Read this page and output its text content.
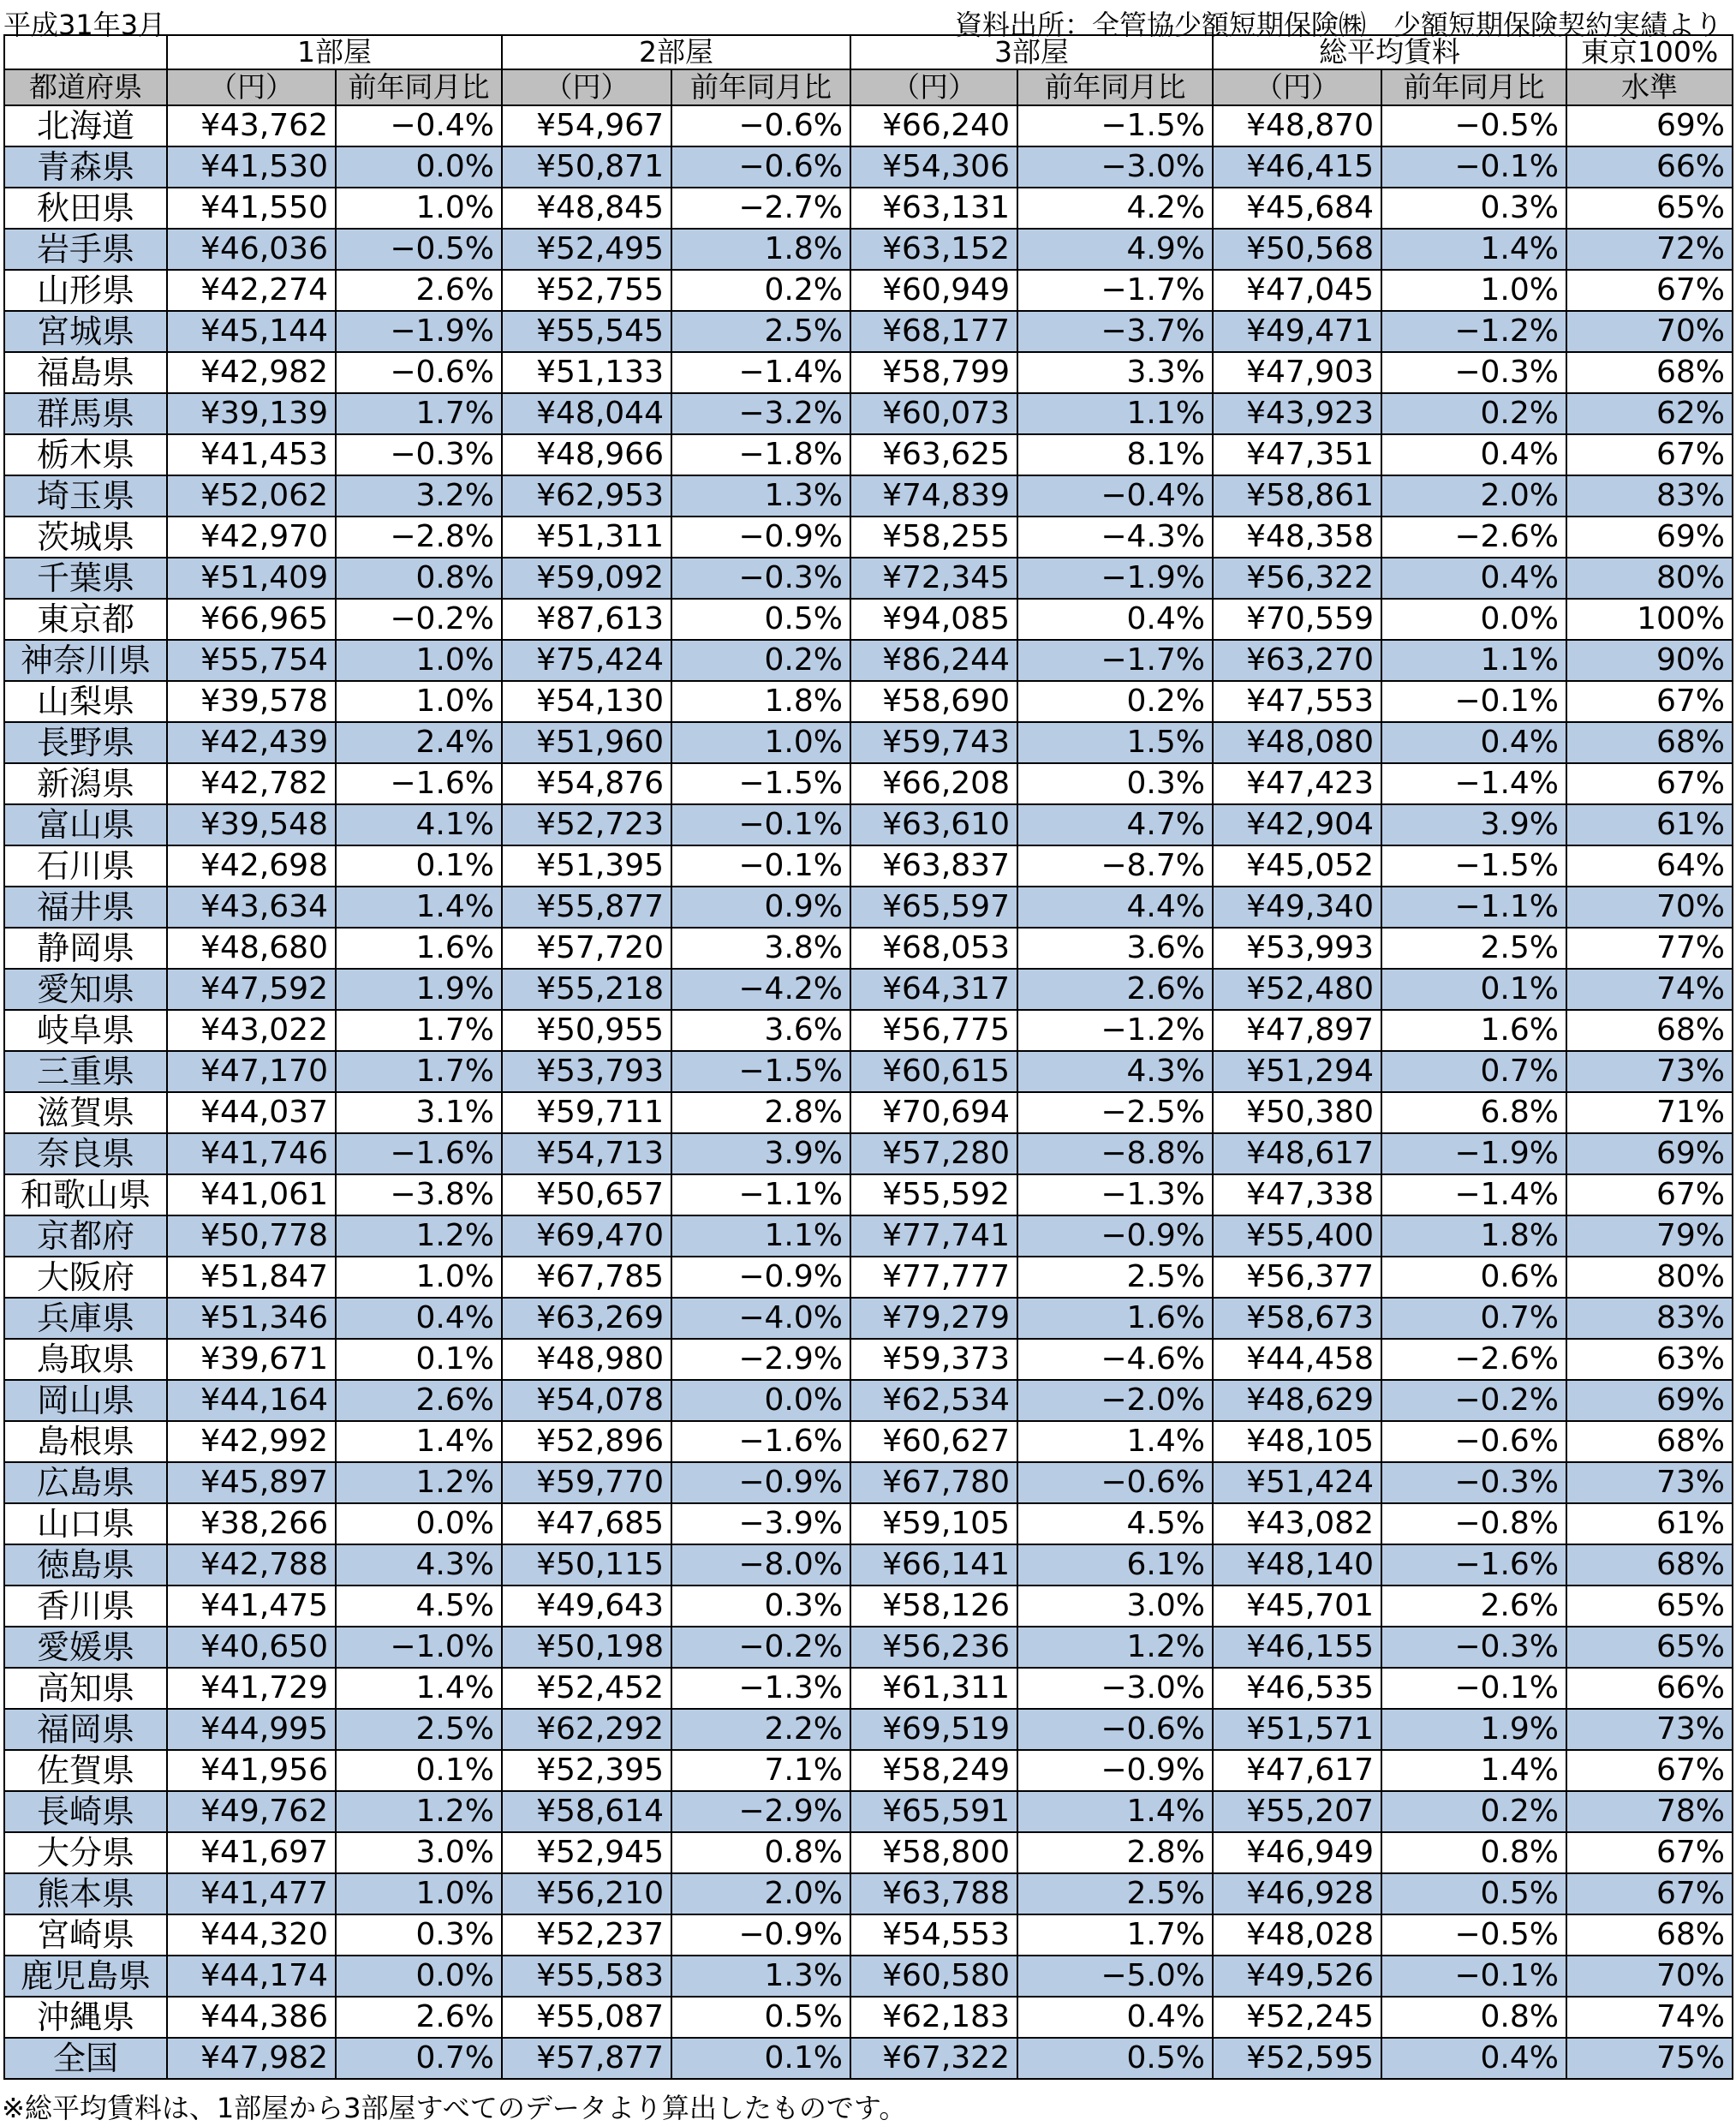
平成31年3月	資料出所：全管協少額短期保険㈱　少額短期保険契約実績より
	1部屋		2部屋		3部屋		総平均賃料		東京100%
都道府県	（円）	前年同月比	（円）	前年同月比	（円）	前年同月比	（円）	前年同月比	水準
北海道	¥43,762	−0.4%	¥54,967	−0.6%	¥66,240	−1.5%	¥48,870	−0.5%	69%
青森県	¥41,530	0.0%	¥50,871	−0.6%	¥54,306	−3.0%	¥46,415	−0.1%	66%
秋田県	¥41,550	1.0%	¥48,845	−2.7%	¥63,131	4.2%	¥45,684	0.3%	65%
岩手県	¥46,036	−0.5%	¥52,495	1.8%	¥63,152	4.9%	¥50,568	1.4%	72%
山形県	¥42,274	2.6%	¥52,755	0.2%	¥60,949	−1.7%	¥47,045	1.0%	67%
宮城県	¥45,144	−1.9%	¥55,545	2.5%	¥68,177	−3.7%	¥49,471	−1.2%	70%
福島県	¥42,982	−0.6%	¥51,133	−1.4%	¥58,799	3.3%	¥47,903	−0.3%	68%
群馬県	¥39,139	1.7%	¥48,044	−3.2%	¥60,073	1.1%	¥43,923	0.2%	62%
栃木県	¥41,453	−0.3%	¥48,966	−1.8%	¥63,625	8.1%	¥47,351	0.4%	67%
埼玉県	¥52,062	3.2%	¥62,953	1.3%	¥74,839	−0.4%	¥58,861	2.0%	83%
茨城県	¥42,970	−2.8%	¥51,311	−0.9%	¥58,255	−4.3%	¥48,358	−2.6%	69%
千葉県	¥51,409	0.8%	¥59,092	−0.3%	¥72,345	−1.9%	¥56,322	0.4%	80%
東京都	¥66,965	−0.2%	¥87,613	0.5%	¥94,085	0.4%	¥70,559	0.0%	100%
神奈川県	¥55,754	1.0%	¥75,424	0.2%	¥86,244	−1.7%	¥63,270	1.1%	90%
山梨県	¥39,578	1.0%	¥54,130	1.8%	¥58,690	0.2%	¥47,553	−0.1%	67%
長野県	¥42,439	2.4%	¥51,960	1.0%	¥59,743	1.5%	¥48,080	0.4%	68%
新潟県	¥42,782	−1.6%	¥54,876	−1.5%	¥66,208	0.3%	¥47,423	−1.4%	67%
富山県	¥39,548	4.1%	¥52,723	−0.1%	¥63,610	4.7%	¥42,904	3.9%	61%
石川県	¥42,698	0.1%	¥51,395	−0.1%	¥63,837	−8.7%	¥45,052	−1.5%	64%
福井県	¥43,634	1.4%	¥55,877	0.9%	¥65,597	4.4%	¥49,340	−1.1%	70%
静岡県	¥48,680	1.6%	¥57,720	3.8%	¥68,053	3.6%	¥53,993	2.5%	77%
愛知県	¥47,592	1.9%	¥55,218	−4.2%	¥64,317	2.6%	¥52,480	0.1%	74%
岐阜県	¥43,022	1.7%	¥50,955	3.6%	¥56,775	−1.2%	¥47,897	1.6%	68%
三重県	¥47,170	1.7%	¥53,793	−1.5%	¥60,615	4.3%	¥51,294	0.7%	73%
滋賀県	¥44,037	3.1%	¥59,711	2.8%	¥70,694	−2.5%	¥50,380	6.8%	71%
奈良県	¥41,746	−1.6%	¥54,713	3.9%	¥57,280	−8.8%	¥48,617	−1.9%	69%
和歌山県	¥41,061	−3.8%	¥50,657	−1.1%	¥55,592	−1.3%	¥47,338	−1.4%	67%
京都府	¥50,778	1.2%	¥69,470	1.1%	¥77,741	−0.9%	¥55,400	1.8%	79%
大阪府	¥51,847	1.0%	¥67,785	−0.9%	¥77,777	2.5%	¥56,377	0.6%	80%
兵庫県	¥51,346	0.4%	¥63,269	−4.0%	¥79,279	1.6%	¥58,673	0.7%	83%
鳥取県	¥39,671	0.1%	¥48,980	−2.9%	¥59,373	−4.6%	¥44,458	−2.6%	63%
岡山県	¥44,164	2.6%	¥54,078	0.0%	¥62,534	−2.0%	¥48,629	−0.2%	69%
島根県	¥42,992	1.4%	¥52,896	−1.6%	¥60,627	1.4%	¥48,105	−0.6%	68%
広島県	¥45,897	1.2%	¥59,770	−0.9%	¥67,780	−0.6%	¥51,424	−0.3%	73%
山口県	¥38,266	0.0%	¥47,685	−3.9%	¥59,105	4.5%	¥43,082	−0.8%	61%
徳島県	¥42,788	4.3%	¥50,115	−8.0%	¥66,141	6.1%	¥48,140	−1.6%	68%
香川県	¥41,475	4.5%	¥49,643	0.3%	¥58,126	3.0%	¥45,701	2.6%	65%
愛媛県	¥40,650	−1.0%	¥50,198	−0.2%	¥56,236	1.2%	¥46,155	−0.3%	65%
高知県	¥41,729	1.4%	¥52,452	−1.3%	¥61,311	−3.0%	¥46,535	−0.1%	66%
福岡県	¥44,995	2.5%	¥62,292	2.2%	¥69,519	−0.6%	¥51,571	1.9%	73%
佐賀県	¥41,956	0.1%	¥52,395	7.1%	¥58,249	−0.9%	¥47,617	1.4%	67%
長崎県	¥49,762	1.2%	¥58,614	−2.9%	¥65,591	1.4%	¥55,207	0.2%	78%
大分県	¥41,697	3.0%	¥52,945	0.8%	¥58,800	2.8%	¥46,949	0.8%	67%
熊本県	¥41,477	1.0%	¥56,210	2.0%	¥63,788	2.5%	¥46,928	0.5%	67%
宮崎県	¥44,320	0.3%	¥52,237	−0.9%	¥54,553	1.7%	¥48,028	−0.5%	68%
鹿児島県	¥44,174	0.0%	¥55,583	1.3%	¥60,580	−5.0%	¥49,526	−0.1%	70%
沖縄県	¥44,386	2.6%	¥55,087	0.5%	¥62,183	0.4%	¥52,245	0.8%	74%
全国	¥47,982	0.7%	¥57,877	0.1%	¥67,322	0.5%	¥52,595	0.4%	75%
※総平均賃料は、1部屋から3部屋すべてのデータより算出したものです。
